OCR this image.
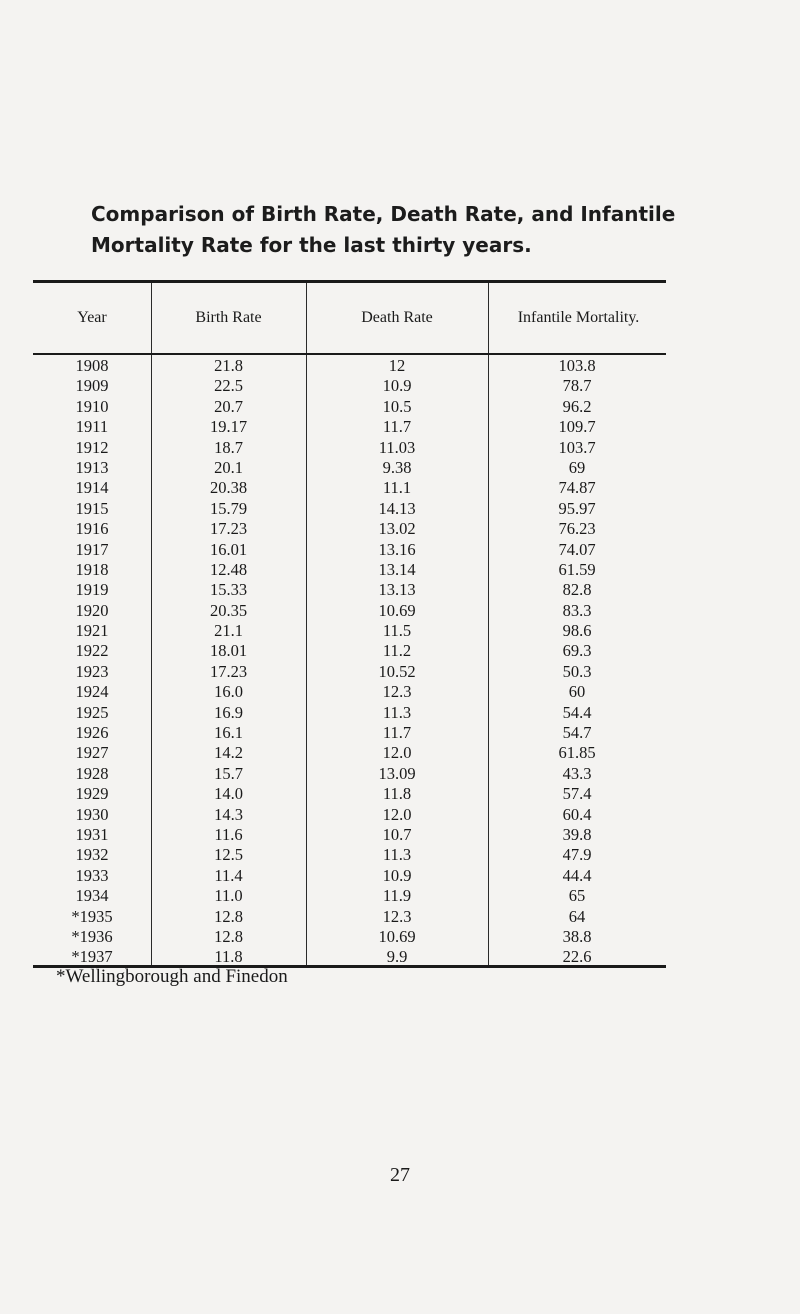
Comparison of Birth Rate, Death Rate, and Infantile Mortality Rate for the last thirty years.
Year	Birth Rate	Death Rate	Infantile Mortality.
1908	21.8	12	103.8
1909	22.5	10.9	78.7
1910	20.7	10.5	96.2
1911	19.17	11.7	109.7
1912	18.7	11.03	103.7
1913	20.1	9.38	69
1914	20.38	11.1	74.87
1915	15.79	14.13	95.97
1916	17.23	13.02	76.23
1917	16.01	13.16	74.07
1918	12.48	13.14	61.59
1919	15.33	13.13	82.8
1920	20.35	10.69	83.3
1921	21.1	11.5	98.6
1922	18.01	11.2	69.3
1923	17.23	10.52	50.3
1924	16.0	12.3	60
1925	16.9	11.3	54.4
1926	16.1	11.7	54.7
1927	14.2	12.0	61.85
1928	15.7	13.09	43.3
1929	14.0	11.8	57.4
1930	14.3	12.0	60.4
1931	11.6	10.7	39.8
1932	12.5	11.3	47.9
1933	11.4	10.9	44.4
1934	11.0	11.9	65
*1935	12.8	12.3	64
*1936	12.8	10.69	38.8
*1937	11.8	9.9	22.6
*Wellingborough and Finedon
27
